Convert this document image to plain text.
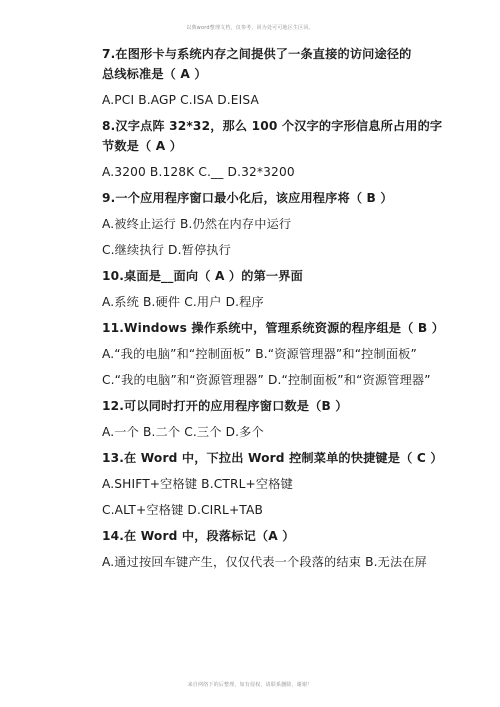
以典word整理文档，仅参考，回为处可可地区生区回。
7.在图形卡与系统内存之间提供了一条直接的访问途径的
总线标准是（ A ）
A.PCI B.AGP C.ISA D.EISA
8.汉字点阵 32*32，那么 100 个汉字的字形信息所占用的字
节数是（ A ）
A.3200 B.128K C.__ D.32*3200
9.一个应用程序窗口最小化后，该应用程序将（ B ）
A.被终止运行 B.仍然在内存中运行
C.继续执行 D.暂停执行
10.桌面是__面向（ A ）的第一界面
A.系统 B.硬件 C.用户 D.程序
11.Windows 操作系统中，管理系统资源的程序组是（ B ）
A.“我的电脑”和“控制面板” B.“资源管理器”和“控制面板”
C.“我的电脑”和“资源管理器” D.“控制面板”和“资源管理器”
12.可以同时打开的应用程序窗口数是（B ）
A.一个 B.二个 C.三个 D.多个
13.在 Word 中，下拉出 Word 控制菜单的快捷键是（ C ）
A.SHIFT+空格键 B.CTRL+空格键
C.ALT+空格键 D.CIRL+TAB
14.在 Word 中，段落标记（A ）
A.通过按回车键产生，仅仅代表一个段落的结束 B.无法在屏
来自网络下的后整理，如有侵权，请联系删除，谢谢！
